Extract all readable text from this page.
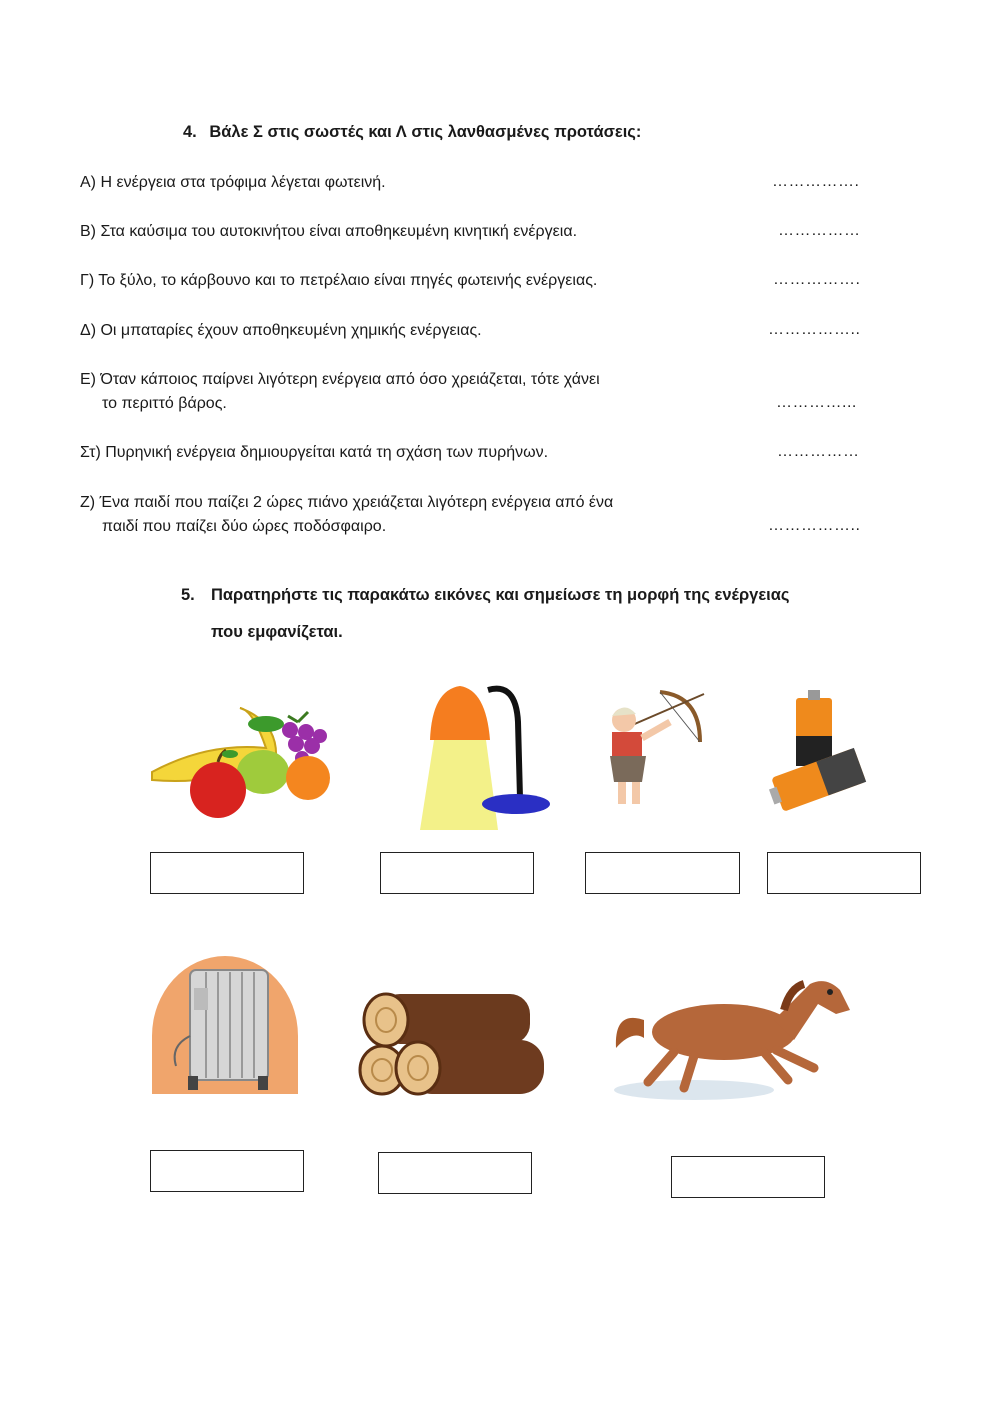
4. Βάλε Σ στις σωστές και Λ στις λανθασμένες προτάσεις:
Α) Η ενέργεια στα τρόφιμα λέγεται φωτεινή.	…………….
Β) Στα καύσιμα του αυτοκινήτου είναι αποθηκευμένη κινητική ενέργεια.	……………
Γ) Το ξύλο, το κάρβουνο και το πετρέλαιο είναι πηγές φωτεινής ενέργειας.	…………….
Δ) Οι μπαταρίες έχουν αποθηκευμένη χημικής ενέργειας.	……………..
Ε) Όταν κάποιος παίρνει λιγότερη ενέργεια από όσο χρειάζεται, τότε χάνει
το περιττό βάρος.	…………...
Στ) Πυρηνική ενέργεια δημιουργείται κατά τη σχάση των πυρήνων.	……………
Ζ) Ένα παιδί που παίζει 2 ώρες πιάνο χρειάζεται λιγότερη ενέργεια από ένα
παιδί που παίζει δύο ώρες ποδόσφαιρο.	……………..
5. Παρατηρήστε τις παρακάτω εικόνες και σημείωσε τη μορφή της ενέργειας
που εμφανίζεται.
